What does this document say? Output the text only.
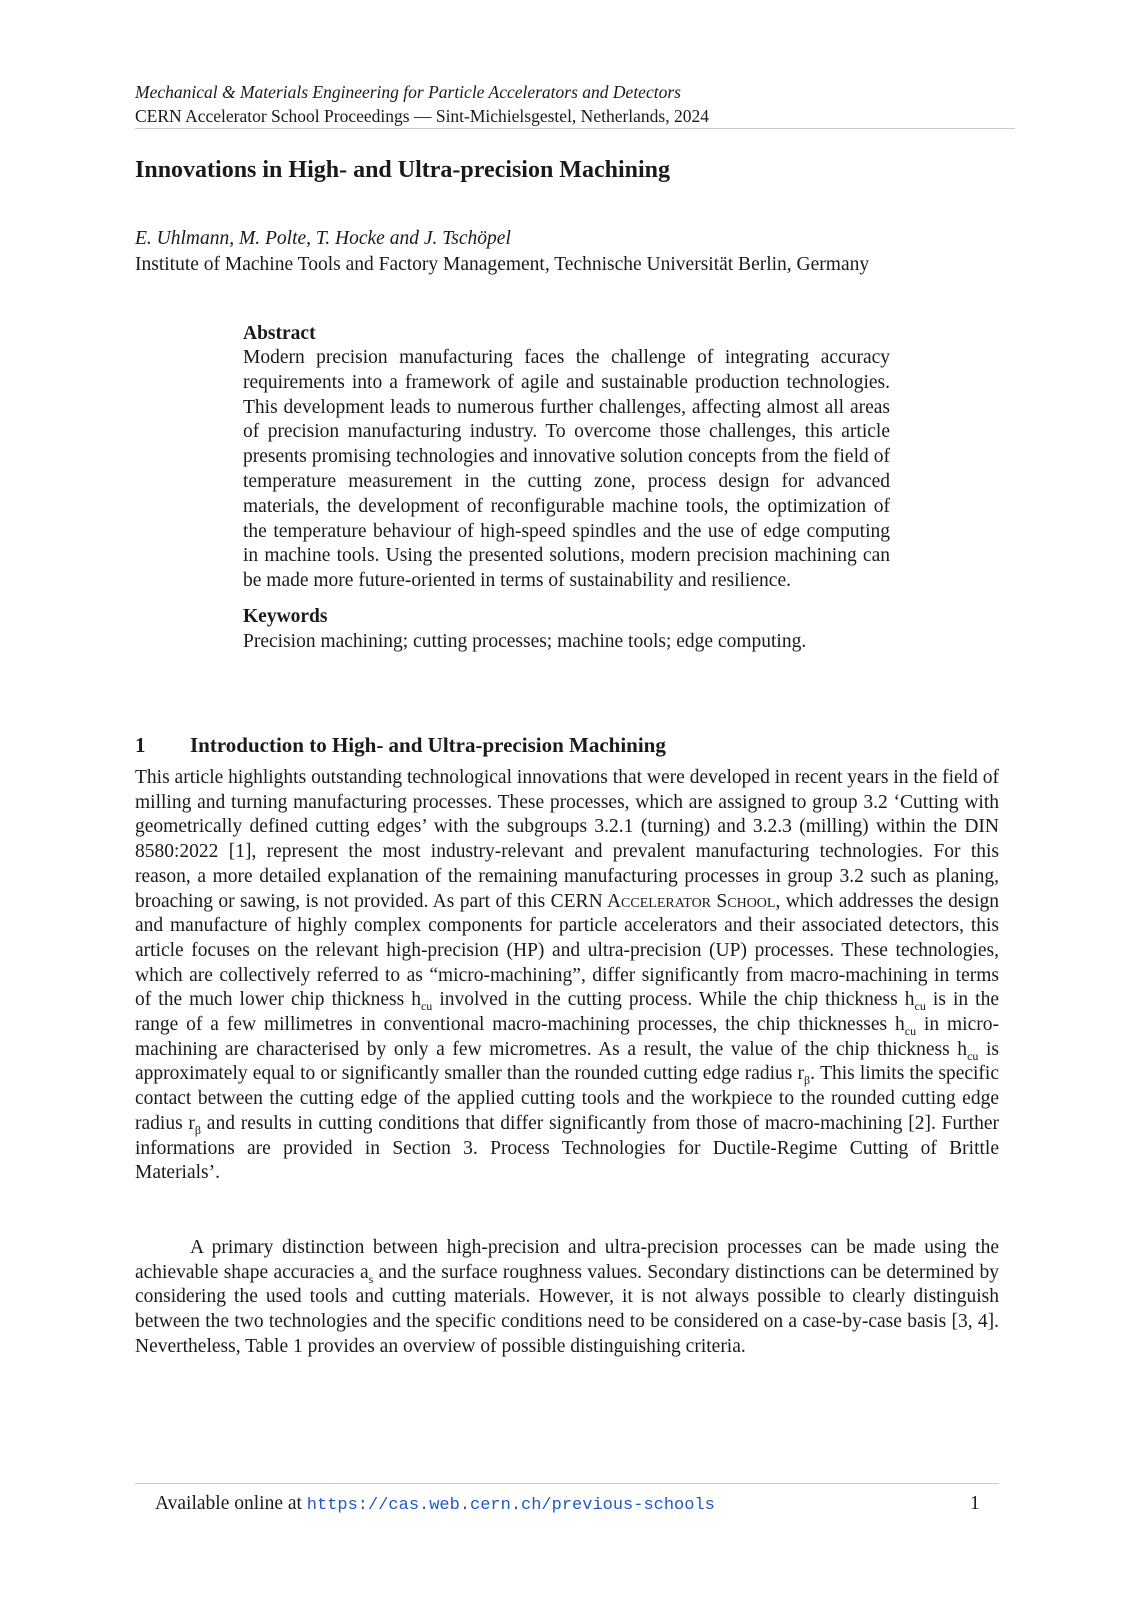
Mechanical & Materials Engineering for Particle Accelerators and Detectors
CERN Accelerator School Proceedings — Sint-Michielsgestel, Netherlands, 2024
Innovations in High- and Ultra-precision Machining
E. Uhlmann, M. Polte, T. Hocke and J. Tschöpel
Institute of Machine Tools and Factory Management, Technische Universität Berlin, Germany
Abstract

Modern precision manufacturing faces the challenge of integrating accuracy requirements into a framework of agile and sustainable production technologies. This development leads to numerous further challenges, affecting almost all areas of precision manufacturing industry. To overcome those challenges, this article presents promising technologies and innovative solution concepts from the field of temperature measurement in the cutting zone, process design for advanced materials, the development of reconfigurable machine tools, the optimization of the temperature behaviour of high-speed spindles and the use of edge computing in machine tools. Using the presented solutions, modern precision machining can be made more future-oriented in terms of sustainability and resilience.

Keywords

Precision machining; cutting processes; machine tools; edge computing.

1 Introduction to High- and Ultra-precision Machining

This article highlights outstanding technological innovations that were developed in recent years in the field of milling and turning manufacturing processes. These processes, which are assigned to group 3.2 ‘Cutting with geometrically defined cutting edges’ with the subgroups 3.2.1 (turning) and 3.2.3 (milling) within the DIN 8580:2022 [1], represent the most industry-relevant and prevalent manufacturing technologies. For this reason, a more detailed explanation of the remaining manufacturing processes in group 3.2 such as planing, broaching or sawing, is not provided. As part of this CERN Accelerator School, which addresses the design and manufacture of highly complex components for particle accelerators and their associated detectors, this article focuses on the relevant high-precision (HP) and ultra-precision (UP) processes. These technologies, which are collectively referred to as “micro-machining”, differ significantly from macro-machining in terms of the much lower chip thickness $h_{cu}$ involved in the cutting process. While the chip thickness $h_{cu}$ is in the range of a few millimetres in conventional macro-machining processes, the chip thicknesses $h_{cu}$ in micro-machining are characterised by only a few micrometres. As a result, the value of the chip thickness $h_{cu}$ is approximately equal to or significantly smaller than the rounded cutting edge radius $r_\beta$. This limits the specific contact between the cutting edge of the applied cutting tools and the workpiece to the rounded cutting edge radius $r_\beta$ and results in cutting conditions that differ significantly from those of macro-machining [2]. Further informations are provided in Section 3. Process Technologies for Ductile-Regime Cutting of Brittle Materials’.

A primary distinction between high-precision and ultra-precision processes can be made using the achievable shape accuracies $a_s$ and the surface roughness values. Secondary distinctions can be determined by considering the used tools and cutting materials. However, it is not always possible to clearly distinguish between the two technologies and the specific conditions need to be considered on a case-by-case basis [3, 4]. Nevertheless, Table 1 provides an overview of possible distinguishing criteria.

Available online at https://cas.web.cern.ch/previous-schools	1
